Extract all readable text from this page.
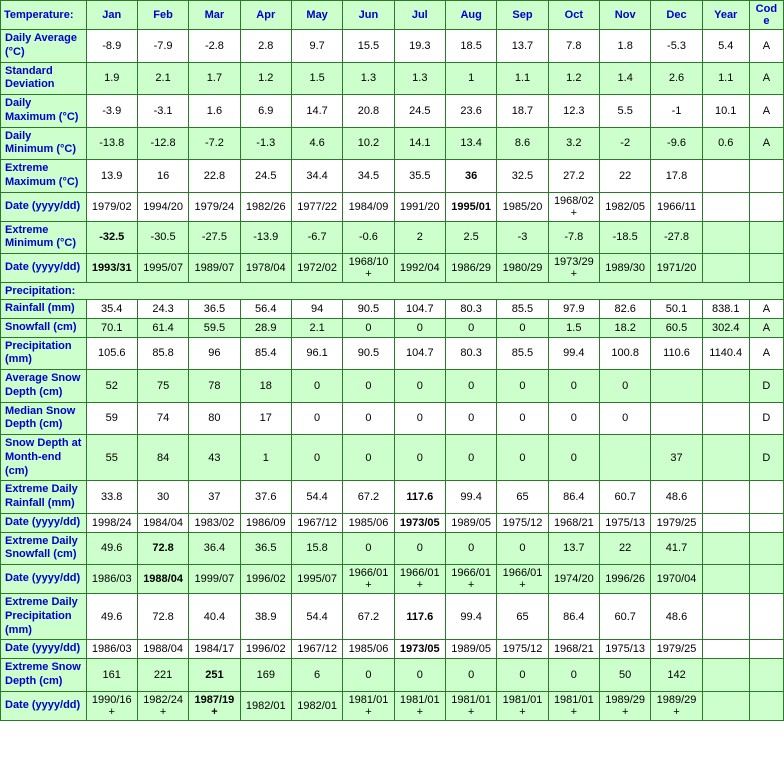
Temperature:	Jan	Feb	Mar	Apr	May	Jun	Jul	Aug	Sep	Oct	Nov	Dec	Year	Code
Daily Average (°C)	-8.9	-7.9	-2.8	2.8	9.7	15.5	19.3	18.5	13.7	7.8	1.8	-5.3	5.4	A
Standard Deviation	1.9	2.1	1.7	1.2	1.5	1.3	1.3	1	1.1	1.2	1.4	2.6	1.1	A
Daily Maximum (°C)	-3.9	-3.1	1.6	6.9	14.7	20.8	24.5	23.6	18.7	12.3	5.5	-1	10.1	A
Daily Minimum (°C)	-13.8	-12.8	-7.2	-1.3	4.6	10.2	14.1	13.4	8.6	3.2	-2	-9.6	0.6	A
Extreme Maximum (°C)	13.9	16	22.8	24.5	34.4	34.5	35.5	36	32.5	27.2	22	17.8		
Date (yyyy/dd)	1979/02	1994/20	1979/24	1982/26	1977/22	1984/09	1991/20	1995/01	1985/20	1968/02+	1982/05	1966/11		
Extreme Minimum (°C)	-32.5	-30.5	-27.5	-13.9	-6.7	-0.6	2	2.5	-3	-7.8	-18.5	-27.8		
Date (yyyy/dd)	1993/31	1995/07	1989/07	1978/04	1972/02	1968/10+	1992/04	1986/29	1980/29	1973/29+	1989/30	1971/20		
Precipitation:														
Rainfall (mm)	35.4	24.3	36.5	56.4	94	90.5	104.7	80.3	85.5	97.9	82.6	50.1	838.1	A
Snowfall (cm)	70.1	61.4	59.5	28.9	2.1	0	0	0	0	1.5	18.2	60.5	302.4	A
Precipitation (mm)	105.6	85.8	96	85.4	96.1	90.5	104.7	80.3	85.5	99.4	100.8	110.6	1140.4	A
Average Snow Depth (cm)	52	75	78	18	0	0	0	0	0	0	0			D
Median Snow Depth (cm)	59	74	80	17	0	0	0	0	0	0	0			D
Snow Depth at Month-end (cm)	55	84	43	1	0	0	0	0	0	0		37		D
Extreme Daily Rainfall (mm)	33.8	30	37	37.6	54.4	67.2	117.6	99.4	65	86.4	60.7	48.6		
Date (yyyy/dd)	1998/24	1984/04	1983/02	1986/09	1967/12	1985/06	1973/05	1989/05	1975/12	1968/21	1975/13	1979/25		
Extreme Daily Snowfall (cm)	49.6	72.8	36.4	36.5	15.8	0	0	0	0	13.7	22	41.7		
Date (yyyy/dd)	1986/03	1988/04	1999/07	1996/02	1995/07	1966/01+	1966/01+	1966/01+	1966/01+	1974/20	1996/26	1970/04		
Extreme Daily Precipitation (mm)	49.6	72.8	40.4	38.9	54.4	67.2	117.6	99.4	65	86.4	60.7	48.6		
Date (yyyy/dd)	1986/03	1988/04	1984/17	1996/02	1967/12	1985/06	1973/05	1989/05	1975/12	1968/21	1975/13	1979/25		
Extreme Snow Depth (cm)	161	221	251	169	6	0	0	0	0	0	50	142		
Date (yyyy/dd)	1990/16+	1982/24+	1987/19+	1982/01	1982/01	1981/01+	1981/01+	1981/01+	1981/01+	1981/01+	1989/29+	1989/29+		
